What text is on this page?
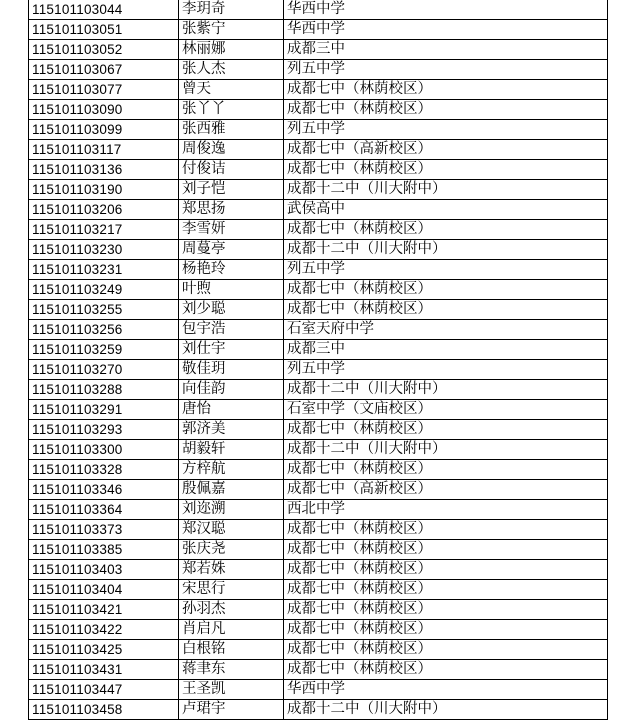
115101103044	李玥奇	华西中学
115101103051	张紫宁	华西中学
115101103052	林丽娜	成都三中
115101103067	张人杰	列五中学
115101103077	曾天	成都七中（林荫校区）
115101103090	张丫丫	成都七中（林荫校区）
115101103099	张西雅	列五中学
115101103117	周俊逸	成都七中（高新校区）
115101103136	付俊诘	成都七中（林荫校区）
115101103190	刘子恺	成都十二中（川大附中）
115101103206	郑思扬	武侯高中
115101103217	李雪妍	成都七中（林荫校区）
115101103230	周蔓亭	成都十二中（川大附中）
115101103231	杨艳玲	列五中学
115101103249	叶煦	成都七中（林荫校区）
115101103255	刘少聪	成都七中（林荫校区）
115101103256	包宇浩	石室天府中学
115101103259	刘仕宇	成都三中
115101103270	敬佳玥	列五中学
115101103288	向佳韵	成都十二中（川大附中）
115101103291	唐怡	石室中学（文庙校区）
115101103293	郭济美	成都七中（林荫校区）
115101103300	胡毅轩	成都十二中（川大附中）
115101103328	方梓航	成都七中（林荫校区）
115101103346	殷佩嘉	成都七中（高新校区）
115101103364	刘迩溯	西北中学
115101103373	郑汉聪	成都七中（林荫校区）
115101103385	张庆尧	成都七中（林荫校区）
115101103403	郑若姝	成都七中（林荫校区）
115101103404	宋思行	成都七中（林荫校区）
115101103421	孙羽杰	成都七中（林荫校区）
115101103422	肖启凡	成都七中（林荫校区）
115101103425	白根铭	成都七中（林荫校区）
115101103431	蒋聿东	成都七中（林荫校区）
115101103447	王圣凯	华西中学
115101103458	卢珺宇	成都十二中（川大附中）
